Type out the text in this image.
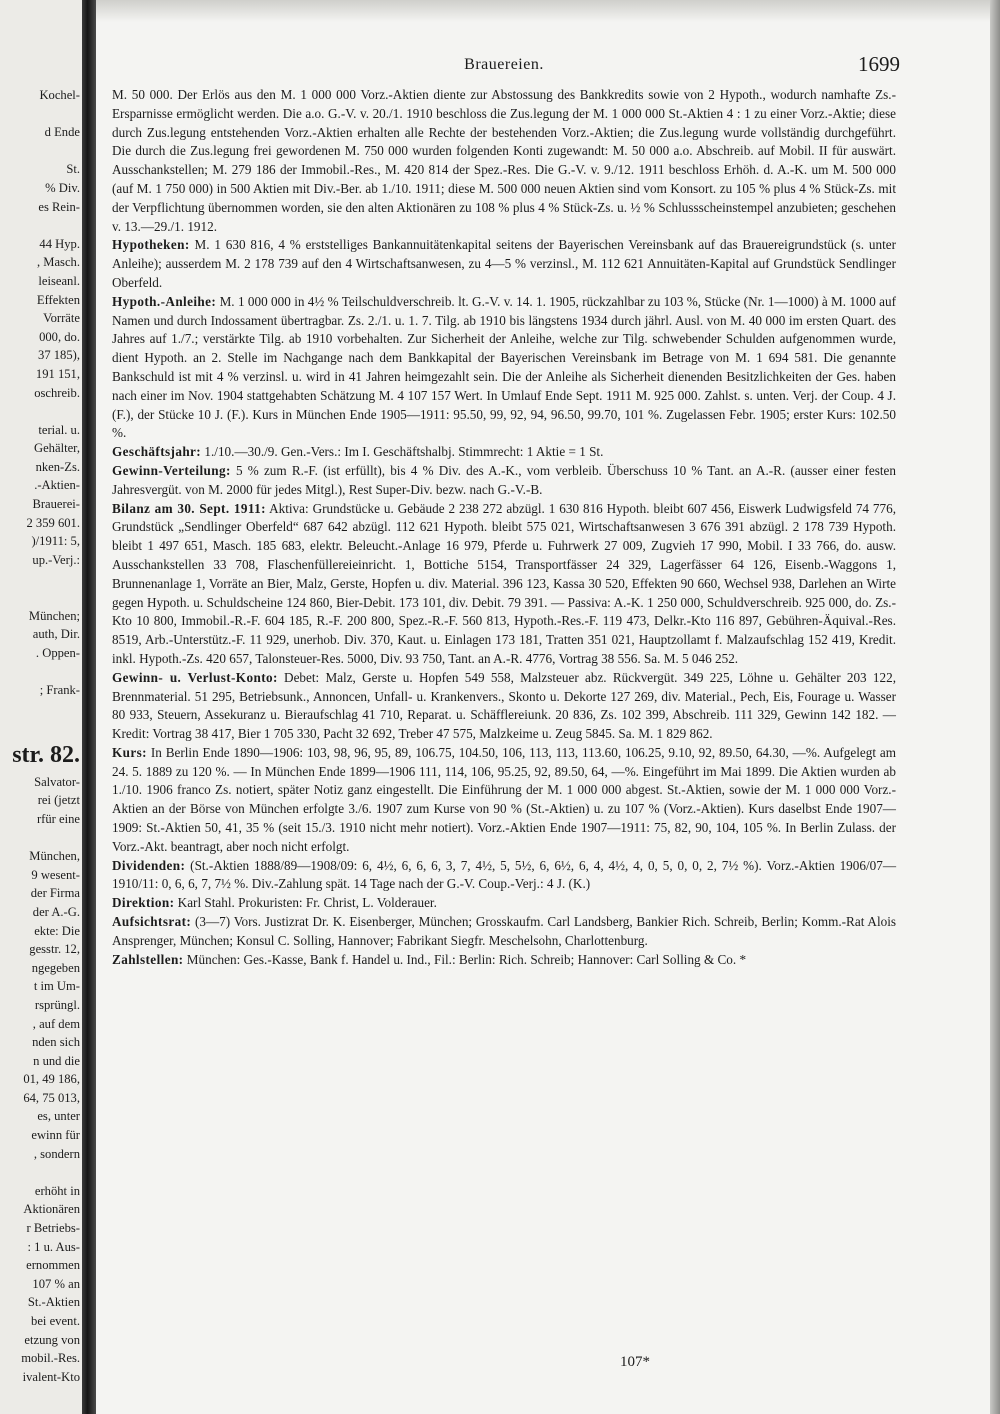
Kochel-
d Ende
St.
% Div.
es Rein-
44 Hyp.
, Masch.
leiseanl.
Effekten
Vorräte
000, do.
37 185),
191 151,
oschreib.
terial. u.
Gehälter,
nken-Zs.
.-Aktien-
Brauerei-
2 359 601.
)/1911: 5,
up.-Verj.:
München;
auth, Dir.
. Oppen-
; Frank-
str. 82.
Salvator-
rei (jetzt
rfür eine
München,
9 wesent-
der Firma
der A.-G.
ekte: Die
gesstr. 12,
ngegeben
t im Um-
rsprüngl.
, auf dem
nden sich
n und die
01, 49 186,
64, 75 013,
es, unter
ewinn für
, sondern
erhöht in
Aktionären
r Betriebs-
: 1 u. Aus-
ernommen
107 % an
St.-Aktien
bei event.
etzung von
mobil.-Res.
ivalent-Kto
Brauereien.	1699

M. 50 000. Der Erlös aus den M. 1 000 000 Vorz.-Aktien diente zur Abstossung des Bankkredits sowie von 2 Hypoth., wodurch namhafte Zs.-Ersparnisse ermöglicht werden. Die a.o. G.-V. v. 20./1. 1910 beschloss die Zus.legung der M. 1 000 000 St.-Aktien 4 : 1 zu einer Vorz.-Aktie; diese durch Zus.legung entstehenden Vorz.-Aktien erhalten alle Rechte der bestehenden Vorz.-Aktien; die Zus.legung wurde vollständig durchgeführt. Die durch die Zus.legung frei gewordenen M. 750 000 wurden folgenden Konti zugewandt: M. 50 000 a.o. Abschreib. auf Mobil. II für auswärt. Ausschankstellen; M. 279 186 der Immobil.-Res., M. 420 814 der Spez.-Res. Die G.-V. v. 9./12. 1911 beschloss Erhöh. d. A.-K. um M. 500 000 (auf M. 1 750 000) in 500 Aktien mit Div.-Ber. ab 1./10. 1911; diese M. 500 000 neuen Aktien sind vom Konsort. zu 105 % plus 4 % Stück-Zs. mit der Verpflichtung übernommen worden, sie den alten Aktionären zu 108 % plus 4 % Stück-Zs. u. ½ % Schlussscheinstempel anzubieten; geschehen v. 13.—29./1. 1912.

Hypotheken: M. 1 630 816, 4 % erststelliges Bankannuitätenkapital seitens der Bayerischen Vereinsbank auf das Brauereigrundstück (s. unter Anleihe); ausserdem M. 2 178 739 auf den 4 Wirtschaftsanwesen, zu 4—5 % verzinsl., M. 112 621 Annuitäten-Kapital auf Grundstück Sendlinger Oberfeld.

Hypoth.-Anleihe: M. 1 000 000 in 4½ % Teilschuldverschreib. lt. G.-V. v. 14. 1. 1905, rückzahlbar zu 103 %, Stücke (Nr. 1—1000) à M. 1000 auf Namen und durch Indossament übertragbar. Zs. 2./1. u. 1. 7. Tilg. ab 1910 bis längstens 1934 durch jährl. Ausl. von M. 40 000 im ersten Quart. des Jahres auf 1./7.; verstärkte Tilg. ab 1910 vorbehalten. Zur Sicherheit der Anleihe, welche zur Tilg. schwebender Schulden aufgenommen wurde, dient Hypoth. an 2. Stelle im Nachgange nach dem Bankkapital der Bayerischen Vereinsbank im Betrage von M. 1 694 581. Die genannte Bankschuld ist mit 4 % verzinsl. u. wird in 41 Jahren heimgezahlt sein. Die der Anleihe als Sicherheit dienenden Besitzlichkeiten der Ges. haben nach einer im Nov. 1904 stattgehabten Schätzung M. 4 107 157 Wert. In Umlauf Ende Sept. 1911 M. 925 000. Zahlst. s. unten. Verj. der Coup. 4 J. (F.), der Stücke 10 J. (F.). Kurs in München Ende 1905—1911: 95.50, 99, 92, 94, 96.50, 99.70, 101 %. Zugelassen Febr. 1905; erster Kurs: 102.50 %.

Geschäftsjahr: 1./10.—30./9. Gen.-Vers.: Im I. Geschäftshalbj. Stimmrecht: 1 Aktie = 1 St.

Gewinn-Verteilung: 5 % zum R.-F. (ist erfüllt), bis 4 % Div. des A.-K., vom verbleib. Überschuss 10 % Tant. an A.-R. (ausser einer festen Jahresvergüt. von M. 2000 für jedes Mitgl.), Rest Super-Div. bezw. nach G.-V.-B.

Bilanz am 30. Sept. 1911: Aktiva: Grundstücke u. Gebäude 2 238 272 abzügl. 1 630 816 Hypoth. bleibt 607 456, Eiswerk Ludwigsfeld 74 776, Grundstück „Sendlinger Oberfeld“ 687 642 abzügl. 112 621 Hypoth. bleibt 575 021, Wirtschaftsanwesen 3 676 391 abzügl. 2 178 739 Hypoth. bleibt 1 497 651, Masch. 185 683, elektr. Beleucht.-Anlage 16 979, Pferde u. Fuhrwerk 27 009, Zugvieh 17 990, Mobil. I 33 766, do. ausw. Ausschankstellen 33 708, Flaschenfüllereieinricht. 1, Bottiche 5154, Transportfässer 24 329, Lagerfässer 64 126, Eisenb.-Waggons 1, Brunnenanlage 1, Vorräte an Bier, Malz, Gerste, Hopfen u. div. Material. 396 123, Kassa 30 520, Effekten 90 660, Wechsel 938, Darlehen an Wirte gegen Hypoth. u. Schuldscheine 124 860, Bier-Debit. 173 101, div. Debit. 79 391. — Passiva: A.-K. 1 250 000, Schuldverschreib. 925 000, do. Zs.-Kto 10 800, Immobil.-R.-F. 604 185, R.-F. 200 800, Spez.-R.-F. 560 813, Hypoth.-Res.-F. 119 473, Delkr.-Kto 116 897, Gebühren-Äquival.-Res. 8519, Arb.-Unterstütz.-F. 11 929, unerhob. Div. 370, Kaut. u. Einlagen 173 181, Tratten 351 021, Hauptzollamt f. Malzaufschlag 152 419, Kredit. inkl. Hypoth.-Zs. 420 657, Talonsteuer-Res. 5000, Div. 93 750, Tant. an A.-R. 4776, Vortrag 38 556. Sa. M. 5 046 252.

Gewinn- u. Verlust-Konto: Debet: Malz, Gerste u. Hopfen 549 558, Malzsteuer abz. Rückvergüt. 349 225, Löhne u. Gehälter 203 122, Brennmaterial. 51 295, Betriebsunk., Annoncen, Unfall- u. Krankenvers., Skonto u. Dekorte 127 269, div. Material., Pech, Eis, Fourage u. Wasser 80 933, Steuern, Assekuranz u. Bieraufschlag 41 710, Reparat. u. Schäfflereiunk. 20 836, Zs. 102 399, Abschreib. 111 329, Gewinn 142 182. — Kredit: Vortrag 38 417, Bier 1 705 330, Pacht 32 692, Treber 47 575, Malzkeime u. Zeug 5845. Sa. M. 1 829 862.

Kurs: In Berlin Ende 1890—1906: 103, 98, 96, 95, 89, 106.75, 104.50, 106, 113, 113, 113.60, 106.25, 9.10, 92, 89.50, 64.30, —%. Aufgelegt am 24. 5. 1889 zu 120 %. — In München Ende 1899—1906 111, 114, 106, 95.25, 92, 89.50, 64, —%. Eingeführt im Mai 1899. Die Aktien wurden ab 1./10. 1906 franco Zs. notiert, später Notiz ganz eingestellt. Die Einführung der M. 1 000 000 abgest. St.-Aktien, sowie der M. 1 000 000 Vorz.-Aktien an der Börse von München erfolgte 3./6. 1907 zum Kurse von 90 % (St.-Aktien) u. zu 107 % (Vorz.-Aktien). Kurs daselbst Ende 1907—1909: St.-Aktien 50, 41, 35 % (seit 15./3. 1910 nicht mehr notiert). Vorz.-Aktien Ende 1907—1911: 75, 82, 90, 104, 105 %. In Berlin Zulass. der Vorz.-Akt. beantragt, aber noch nicht erfolgt.

Dividenden: (St.-Aktien 1888/89—1908/09: 6, 4½, 6, 6, 6, 3, 7, 4½, 5, 5½, 6, 6½, 6, 4, 4½, 4, 0, 5, 0, 0, 2, 7½ %). Vorz.-Aktien 1906/07—1910/11: 0, 6, 6, 7, 7½ %. Div.-Zahlung spät. 14 Tage nach der G.-V. Coup.-Verj.: 4 J. (K.)

Direktion: Karl Stahl. Prokuristen: Fr. Christ, L. Volderauer.

Aufsichtsrat: (3—7) Vors. Justizrat Dr. K. Eisenberger, München; Grosskaufm. Carl Landsberg, Bankier Rich. Schreib, Berlin; Komm.-Rat Alois Ansprenger, München; Konsul C. Solling, Hannover; Fabrikant Siegfr. Meschelsohn, Charlottenburg.

Zahlstellen: München: Ges.-Kasse, Bank f. Handel u. Ind., Fil.: Berlin: Rich. Schreib; Hannover: Carl Solling & Co. *

107*
